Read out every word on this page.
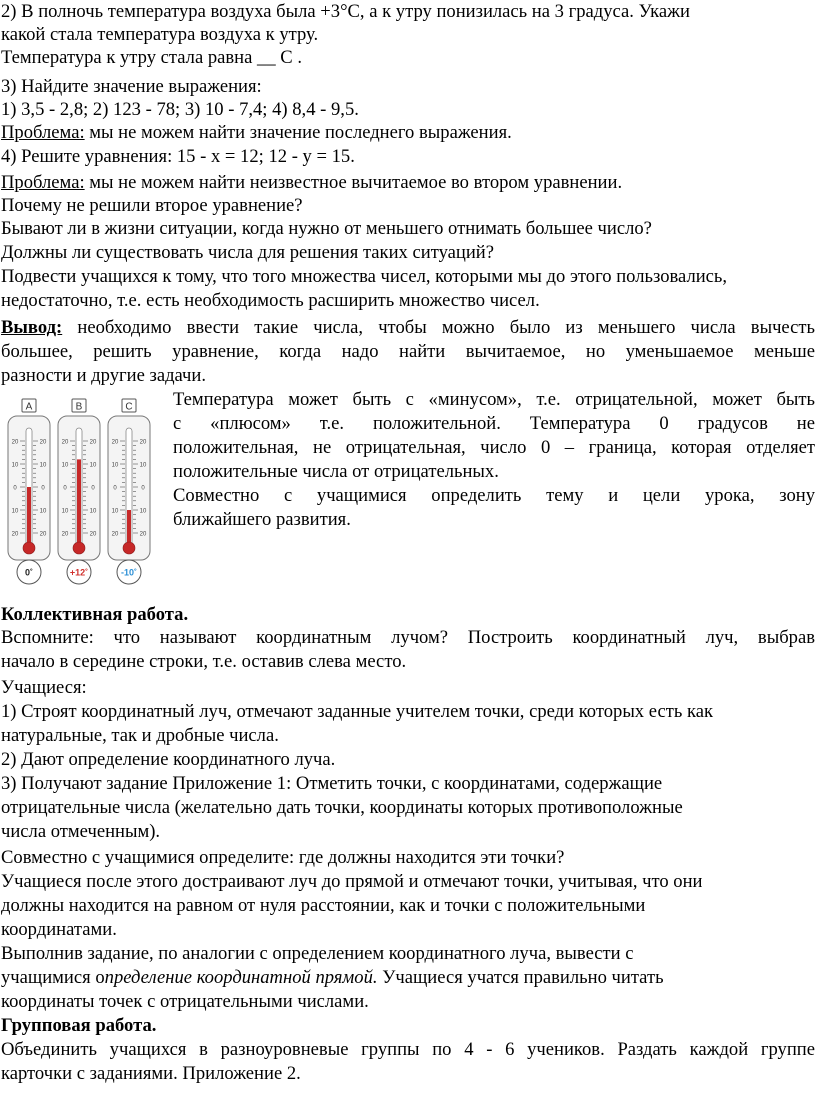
2) В полночь температура воздуха была +3°С, а к утру понизилась на 3 градуса. Укажи
какой стала температура воздуха к утру.
Температура к утру стала равна __ С .
3) Найдите значение выражения:
1) 3,5 - 2,8; 2) 123 - 78; 3) 10 - 7,4; 4) 8,4 - 9,5.
Проблема: мы не можем найти значение последнего выражения.
4) Решите уравнения: 15 - х = 12; 12 - у = 15.
Проблема: мы не можем найти неизвестное вычитаемое во втором уравнении.
Почему не решили второе уравнение?
Бывают ли в жизни ситуации, когда нужно от меньшего отнимать большее число?
Должны ли существовать числа для решения таких ситуаций?
Подвести учащихся к тому, что того множества чисел, которыми мы до этого пользовались,
недостаточно, т.е. есть необходимость расширить множество чисел.
Вывод: необходимо ввести такие числа, чтобы можно было из меньшего числа вычесть
большее, решить уравнение, когда надо найти вычитаемое, но уменьшаемое меньше
разности и другие задачи.
Температура может быть с «минусом», т.е. отрицательной, может быть
с «плюсом» т.е. положительной. Температура 0 градусов не
положительная, не отрицательная, число 0 – граница, которая отделяет
положительные числа от отрицательных.
Совместно с учащимися определить тему и цели урока, зону
ближайшего развития.
A
20	20
10	10
0	0
10	10
20	20
0˚
B
20	20
10	10
0	0
10	10
20	20
+12˚
C
20	20
10	10
0	0
10	10
20	20
-10˚
Коллективная работа.
Вспомните: что называют координатным лучом? Построить координатный луч, выбрав
начало в середине строки, т.е. оставив слева место.
Учащиеся:
1) Строят координатный луч, отмечают заданные учителем точки, среди которых есть как
натуральные, так и дробные числа.
2) Дают определение координатного луча.
3) Получают задание Приложение 1: Отметить точки, с координатами, содержащие
отрицательные числа (желательно дать точки, координаты которых противоположные
числа отмеченным).
Совместно с учащимися определите: где должны находится эти точки?
Учащиеся после этого достраивают луч до прямой и отмечают точки, учитывая, что они
должны находится на равном от нуля расстоянии, как и точки с положительными
координатами.
Выполнив задание, по аналогии с определением координатного луча, вывести с
учащимися определение координатной прямой. Учащиеся учатся правильно читать
координаты точек с отрицательными числами.
Групповая работа.
Объединить учащихся в разноуровневые группы по 4 - 6 учеников. Раздать каждой группе
карточки с заданиями. Приложение 2.
